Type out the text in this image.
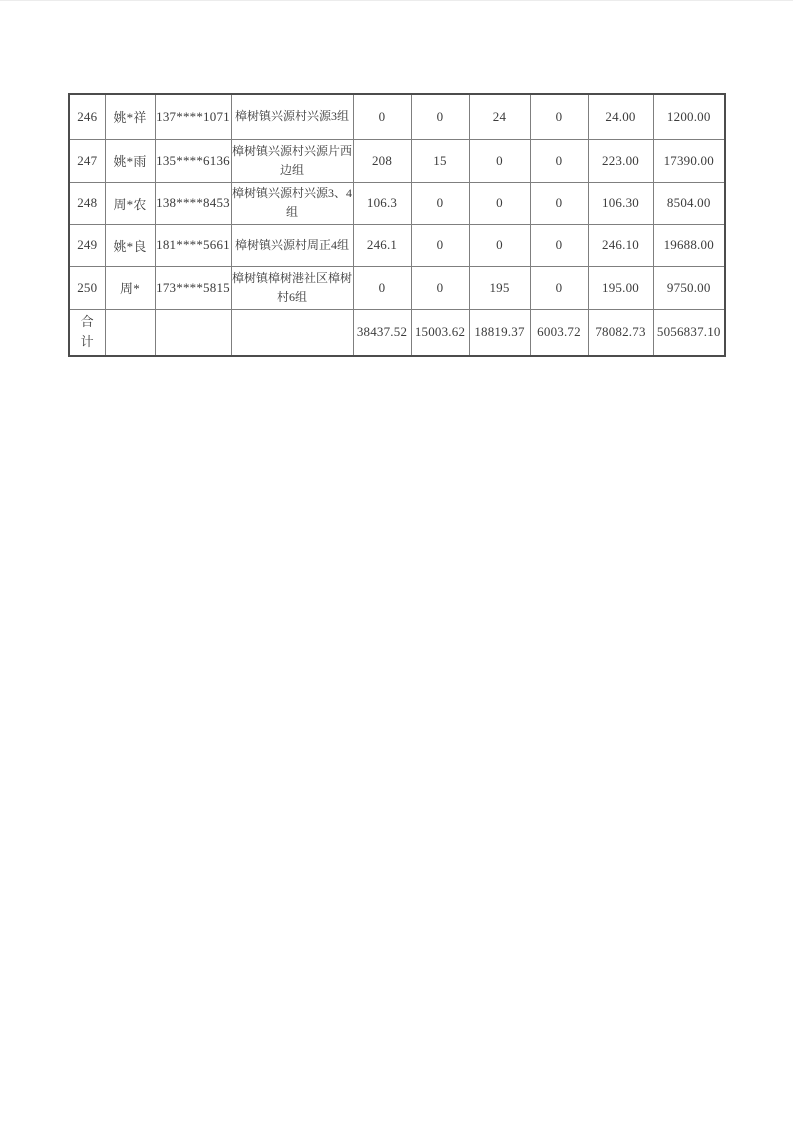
246	姚*祥	137****1071	樟树镇兴源村兴源3组	0	0	24	0	24.00	1200.00
247	姚*雨	135****6136	樟树镇兴源村兴源片西边组	208	15	0	0	223.00	17390.00
248	周*农	138****8453	樟树镇兴源村兴源3、4组	106.3	0	0	0	106.30	8504.00
249	姚*良	181****5661	樟树镇兴源村周正4组	246.1	0	0	0	246.10	19688.00
250	周*	173****5815	樟树镇樟树港社区樟树村6组	0	0	195	0	195.00	9750.00

合计				38437.52	15003.62	18819.37	6003.72	78082.73	5056837.10
